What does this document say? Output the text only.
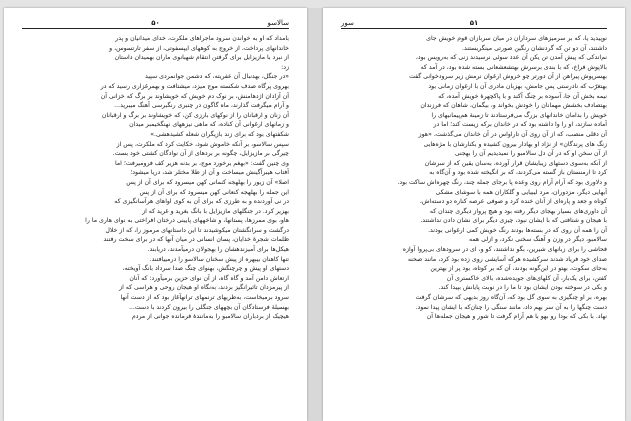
۵۰	سالاسو
بامداد که او به خواندن سرود ماجراهای ملکرت، خدای میدانیان و پدر
خاندانهای پرداخت، از خروج به کوههای ایپسفوتی، از سفر تارتسوس، و
از نبرد با مازیزایل برای گرفتن انتقام شهبانوی ماران بهمیدان داستان
زد:
«در جنگل، بهدنبال آن عفریته، که دشمن جوانمردی سپید
بهروی پرگاه صدف شکسته موج میزد، میشتافت و بهمرغزاری رسید که در
آن آزادان اژدهامنش، بر نوک دم خویش که خویشاوند بر برگ که خزانی آن
و آرام میگرفت گذارند، ماه گاگون در چنبری رنگبرسی آهنگ میبرید...
آن زنان و ارقبانان را از نوکهای بارزی کن، که خویشاوند بر برگ و ارقبانان
و زمانهای ارغوانی آن کناده، که ماهی نیزههای نهنگخیمبر میدان
شکفتهای بود که برای زند بازیگران شعله کشیدهشی.»
سپس سالاسو، بر آنکه خاموش شود، حکایت کرد که ملکرت، پس از
چیرگی بر مازیزایل، چگونه بر بردهای از آن نوادگان کشتی خود بست.
وی چنین گفت: «بهغم برخورد موج، بر بدنه هزیر کف فرومیرفت؛ اما
آفتاب هیبرآگینش میساخت و آن از طلا مختلر شد، دریا میشود؛
اصلا» آن زیور را بهلهجه کنمانی کهن میسرود که برای آن از پس
این جمله را بهلهجه کنعانی کهن میسرود که برای آن از پس
در نی آوردنده و به طرزی که برای آن به کوی اواهای هرآسانگیزی که
بهزیر کرد. در جنگلهای مازیزایل با بانگ بغرید و غرید که از
هاو، بوی ممرزها، پستانها، و شاخههای پایینی درختان افراختی به نوای هاری ما را
درگشت و سرانگشتان میکوشیدند تا این داستانهای مرموز را، که از خلال
ظلمات شجرهٔ خدایان، پسان انسانی در میان آنها که در برای سخت رفتند
هیکل‌ها برای آمیزندهشان را بهجولان درمیآمدند، دریابند.
تنها کاهنان بیبهره از پیش سخنان سالاسو را درمییافتند.
دستهای او پیش و چرچنگش، بهنوای چنگ صدا سرداد بانگ آویخته،
ارتعاش دامن آمد و گاه گاه، از آن نوای حزین برمیآورد: که آنان
از پیرمزدان تاثیرانگیز بردند، به‌نگاه او هیجان روحی و هراسی که از
سرود برمیخاست، به‌طریهای ترنمهای ترانهآغاز بود که از دست آنها
بهسیلهٔ فرستادگان آن بچههای جنگلی را بیرون کردند با دست...
هیچیک از بردباران سالامبو را به‌مانندهٔ فرمانده جوانی از مردم
سور	۵۱
نوپیدید یا، که بر سرمیزهای سرداران در میان سربازان قوم خویش جای
داشتند، آن دو تن که گردنشان رنگین صورتی مینگریستند.
نم‌اندکی که پیش آمدن تن یکن آن عدد سوئی نرسیدند زنی که به‌رویس بود،
بالاپوش فراخ، که با بندی برسرش بهتشعشعانی بسته شده بود، در آمد که
بهسرپوش پیراهن از آن دورتر چو خروش ارغوان نرمش زیر سرودخوانی گفت
بهتغرّب که نادرستی پس جامش، بهزبان مادری آن با ارغوان زمانی بود
نیمه بخش آن جا، آسوده بر چنگ آکند و با پاکچهرهٔ خویش آمده، که
بهتصادف بخشش مهمانان را خودش بخواند و، بیگمان، شاهان که فرزندان
خویش را بدامان خاندانهای بزرگ می‌فرستادند تا زمینهٔ هم‌پیمانیهای را
آماده سازند، او را وا داشته بود که در خاندان برکه زیست کند؛ اما در
آن دقلی منصب، که از آن روی آن تاراواس در آن خاندان می‌گذشت، «هوز
زنگ های پرندگان» از نژاد او بهادار بیرون کشیده و بکنارشان با مژه‌هایی
از آن سخن او که در آن دل سالامبو را نمیدیدیم آن را بهجنی
از آنکه به‌سوی دستهای زیبایشان قرار آورده، به‌سان یقین که از سرشان
کرد تا ارمنستان باز گسته می‌کردند، که بر انگیخته شده بود و آن‌گاه به
و دلاوری بود که آرام آرام روی وعده پا برجای جمله چند، رنگ چهره‌اش ساکت بود.
آبهایی دیگر، مزدوران، مرد لیبیایی و گلکاران همه با سوشای مشکی
کوتاه و جعد و پاره‌ای از آنان خنده کرد و صوفی عرصه کناره دو دسته‌اش،
آن داوری‌های بسیار بهجای دیگر رفته بود و هیچ پرواز دیگری چندان که
با هیجان و شتافتی که با ایشان نبود، چیزی دیگر برای نشان دادن نداشتند.
آن را همه آن روی که در بسته‌ها بودند رنگ خویش کمی ارغوانی بودند.
سالامبو، دیگر در وزن و آهنگ سخنی نکرد، و ازلی همه
فحاشی را برای زبانهای شیرین، بگو نداشتند، کو و، ای در سرودهای بی‌پروا آوازه
صدای خود فریاد شدند سرکشیده هرکه آسایشی روی زده بود کرد، مانند صحنه
به‌جای سکوت، بهتو در این‌گونه بودند، آن که بر کوتاه، بود پر از بهترین
کفتن، برای یک‌بار، آن کلهای‌های جویده‌شده، بالای خاکستری آن
و بکی در سوخته بودن ایشان بود تا ما را در نوبت پایانش بپیدا کند.
بهره، بر او چنگیزی به سوی گل بود که، آن‌گاه روز بدیهی که سرشان گرفت
دست چنگها را به آن سر بهم داد، مانند سنگی را چنان‌که با ایشان پیدا نمود.
نهاد. با بکی که بودا رو بهو با هم آرام گرفت تا شور و هیجان جمله‌ها آن
